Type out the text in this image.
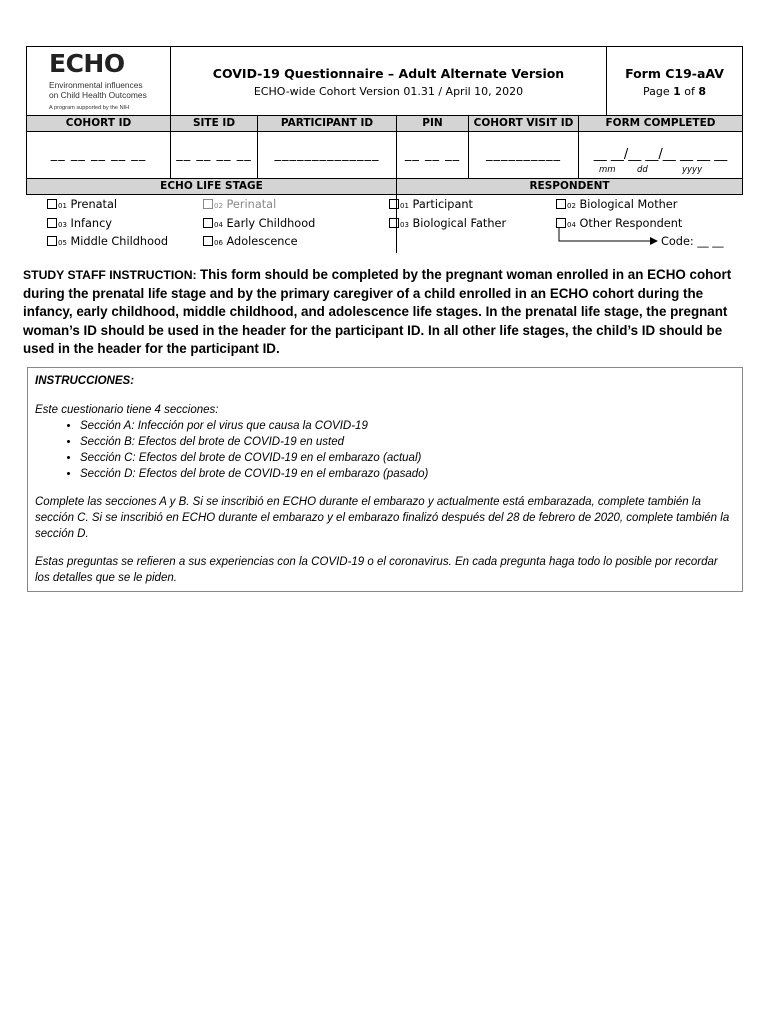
ECHO
Environmental influences
on Child Health Outcomes
A program supported by the NIH
COVID-19 Questionnaire – Adult Alternate Version
ECHO-wide Cohort Version 01.31 / April 10, 2020
Form C19-aAV
Page 1 of 8
COHORT ID	SITE ID	PARTICIPANT ID	PIN	COHORT VISIT ID	FORM COMPLETED
__ __ __ __ __	__ __ __ __	______________	__ __ __	__________	__ __/__ __/__ __ __ __
mm	dd	yyyy
ECHO LIFE STAGE	RESPONDENT
01 Prenatal	02 Perinatal
03 Infancy	04 Early Childhood
05 Middle Childhood	06 Adolescence
01 Participant	02 Biological Mother
03 Biological Father	04 Other Respondent
Code: __ __
STUDY STAFF INSTRUCTION: This form should be completed by the pregnant woman enrolled in an ECHO cohort during the prenatal life stage and by the primary caregiver of a child enrolled in an ECHO cohort during the infancy, early childhood, middle childhood, and adolescence life stages. In the prenatal life stage, the pregnant woman’s ID should be used in the header for the participant ID. In all other life stages, the child’s ID should be used in the header for the participant ID.
INSTRUCCIONES:
Este cuestionario tiene 4 secciones:
• Sección A: Infección por el virus que causa la COVID-19
• Sección B: Efectos del brote de COVID-19 en usted
• Sección C: Efectos del brote de COVID-19 en el embarazo (actual)
• Sección D: Efectos del brote de COVID-19 en el embarazo (pasado)
Complete las secciones A y B. Si se inscribió en ECHO durante el embarazo y actualmente está embarazada, complete también la sección C. Si se inscribió en ECHO durante el embarazo y el embarazo finalizó después del 28 de febrero de 2020, complete también la sección D.
Estas preguntas se refieren a sus experiencias con la COVID-19 o el coronavirus. En cada pregunta haga todo lo posible por recordar los detalles que se le piden.
